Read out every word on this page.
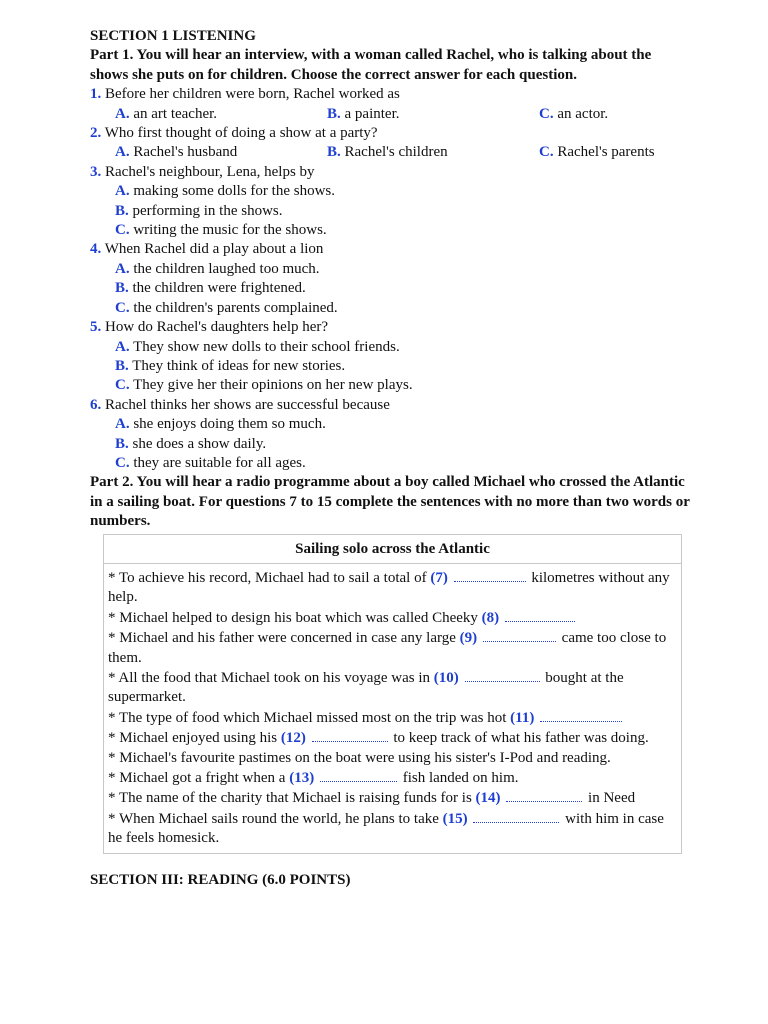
SECTION 1 LISTENING
Part 1. You will hear an interview, with a woman called Rachel, who is talking about the shows she puts on for children. Choose the correct answer for each question.
1. Before her children were born, Rachel worked as
A. an art teacher.	B. a painter.	C. an actor.
2. Who first thought of doing a show at a party?
A. Rachel's husband	B. Rachel's children	C. Rachel's parents
3. Rachel's neighbour, Lena, helps by
A. making some dolls for the shows.
B. performing in the shows.
C. writing the music for the shows.
4. When Rachel did a play about a lion
A. the children laughed too much.
B. the children were frightened.
C. the children's parents complained.
5. How do Rachel's daughters help her?
A. They show new dolls to their school friends.
B. They think of ideas for new stories.
C. They give her their opinions on her new plays.
6. Rachel thinks her shows are successful because
A. she enjoys doing them so much.
B. she does a show daily.
C. they are suitable for all ages.
Part 2. You will hear a radio programme about a boy called Michael who crossed the Atlantic in a sailing boat. For questions 7 to 15 complete the sentences with no more than two words or numbers.
Sailing solo across the Atlantic
* To achieve his record, Michael had to sail a total of (7)	kilometres without any help.
* Michael helped to design his boat which was called Cheeky (8)
* Michael and his father were concerned in case any large (9)	came too close to them.
* All the food that Michael took on his voyage was in (10)	bought at the supermarket.
* The type of food which Michael missed most on the trip was hot (11)
* Michael enjoyed using his (12)	to keep track of what his father was doing.
* Michael's favourite pastimes on the boat were using his sister's I-Pod and reading.
* Michael got a fright when a (13)	fish landed on him.
* The name of the charity that Michael is raising funds for is (14)	in Need
* When Michael sails round the world, he plans to take (15)	with him in case he feels homesick.
SECTION III: READING (6.0 POINTS)
